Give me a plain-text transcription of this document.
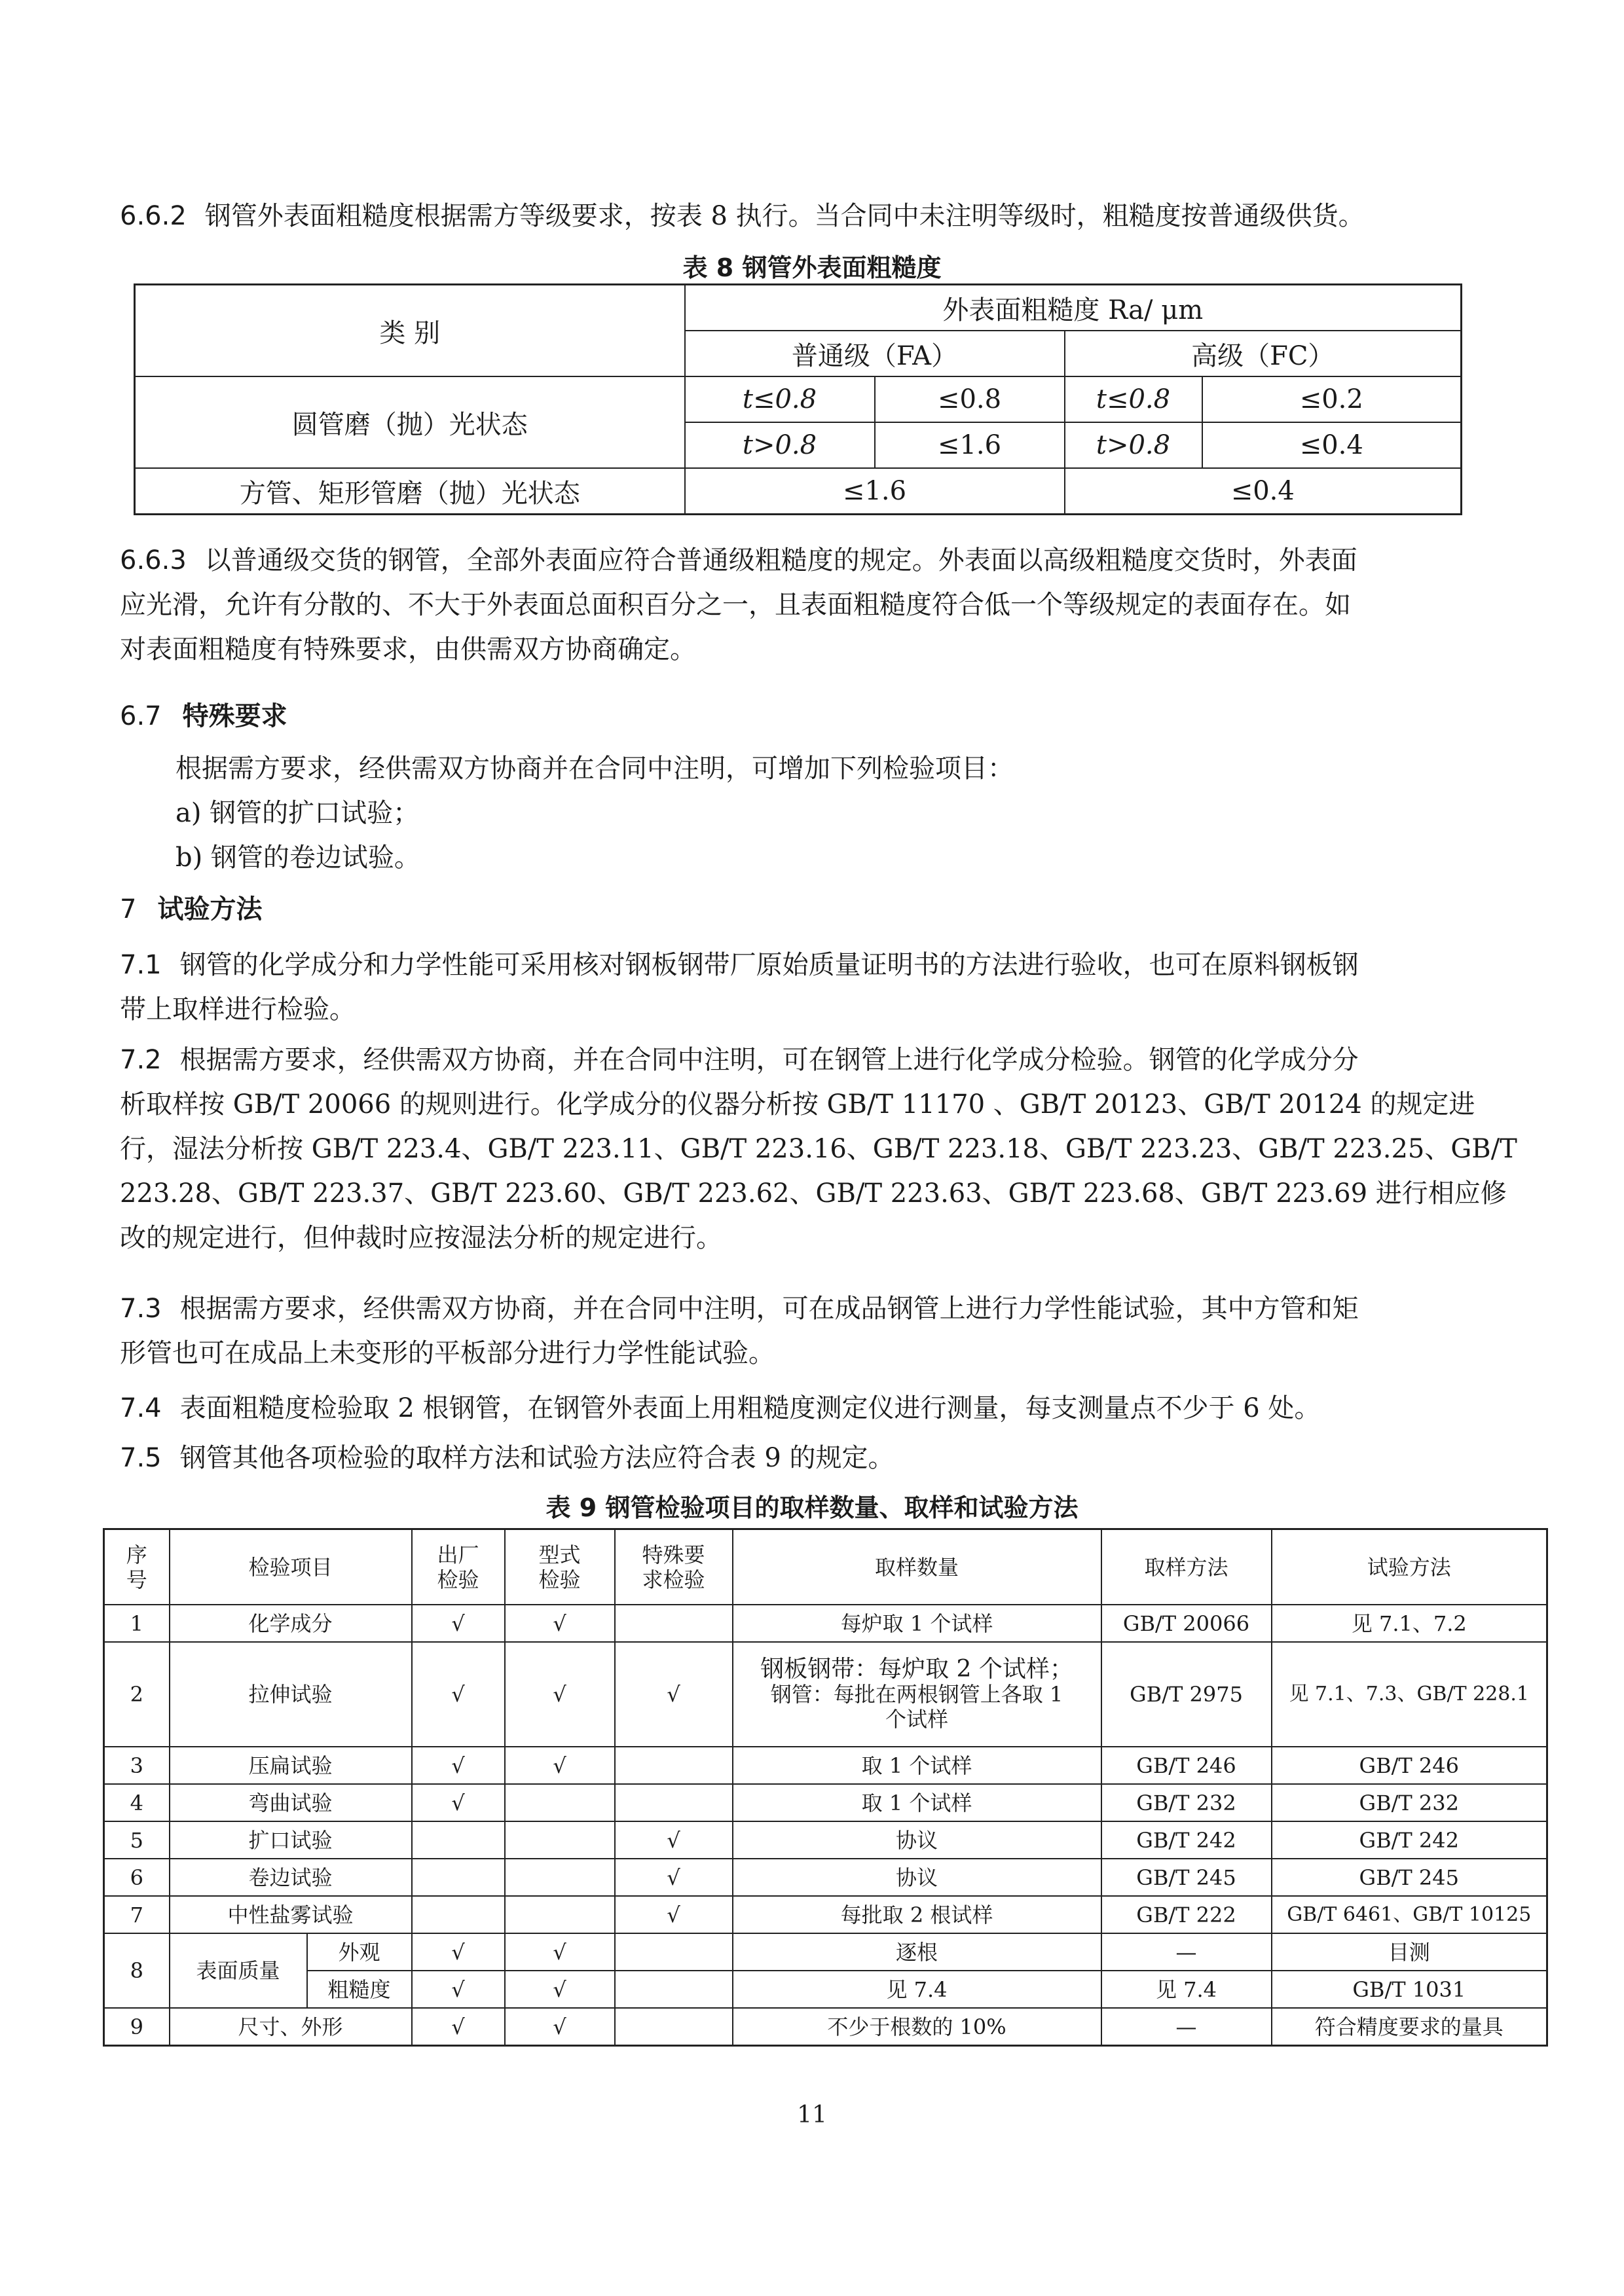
6.6.2 钢管外表面粗糙度根据需方等级要求，按表 8 执行。当合同中未注明等级时，粗糙度按普通级供货。

表 8 钢管外表面粗糙度

类 别	外表面粗糙度 Ra/ μm			
	普通级（FA）		高级（FC）	
圆管磨（抛）光状态	t≤0.8	≤0.8	t≤0.8	≤0.2
	t>0.8	≤1.6	t>0.8	≤0.4
方管、矩形管磨（抛）光状态	≤1.6		≤0.4	

6.6.3 以普通级交货的钢管，全部外表面应符合普通级粗糙度的规定。外表面以高级粗糙度交货时，外表面
应光滑，允许有分散的、不大于外表面总面积百分之一，且表面粗糙度符合低一个等级规定的表面存在。如
对表面粗糙度有特殊要求，由供需双方协商确定。

6.7 特殊要求

根据需方要求，经供需双方协商并在合同中注明，可增加下列检验项目：
a) 钢管的扩口试验；
b) 钢管的卷边试验。

7 试验方法

7.1 钢管的化学成分和力学性能可采用核对钢板钢带厂原始质量证明书的方法进行验收，也可在原料钢板钢
带上取样进行检验。

7.2 根据需方要求，经供需双方协商，并在合同中注明，可在钢管上进行化学成分检验。钢管的化学成分分
析取样按 GB/T 20066 的规则进行。化学成分的仪器分析按 GB/T 11170 、GB/T 20123、GB/T 20124 的规定进
行，湿法分析按 GB/T 223.4、GB/T 223.11、GB/T 223.16、GB/T 223.18、GB/T 223.23、GB/T 223.25、GB/T
223.28、GB/T 223.37、GB/T 223.60、GB/T 223.62、GB/T 223.63、GB/T 223.68、GB/T 223.69 进行相应修
改的规定进行，但仲裁时应按湿法分析的规定进行。

7.3 根据需方要求，经供需双方协商，并在合同中注明，可在成品钢管上进行力学性能试验，其中方管和矩
形管也可在成品上未变形的平板部分进行力学性能试验。

7.4 表面粗糙度检验取 2 根钢管，在钢管外表面上用粗糙度测定仪进行测量，每支测量点不少于 6 处。

7.5 钢管其他各项检验的取样方法和试验方法应符合表 9 的规定。

表 9 钢管检验项目的取样数量、取样和试验方法

序
号	检验项目		出厂
检验	型式
检验	特殊要
求检验	取样数量	取样方法	试验方法
1	化学成分		√	√		每炉取 1 个试样	GB/T 20066	见 7.1、7.2
2	拉伸试验		√	√	√	钢板钢带：每炉取 2 个试样；
钢管：每批在两根钢管上各取 1
个试样	GB/T 2975	见 7.1、7.3、GB/T 228.1
3	压扁试验		√	√		取 1 个试样	GB/T 246	GB/T 246
4	弯曲试验		√			取 1 个试样	GB/T 232	GB/T 232
5	扩口试验				√	协议	GB/T 242	GB/T 242
6	卷边试验				√	协议	GB/T 245	GB/T 245
7	中性盐雾试验				√	每批取 2 根试样	GB/T 222	GB/T 6461、GB/T 10125
8	表面质量	外观	√	√		逐根	—	目测
		粗糙度	√	√		见 7.4	见 7.4	GB/T 1031
9	尺寸、外形		√	√		不少于根数的 10%	—	符合精度要求的量具

11
